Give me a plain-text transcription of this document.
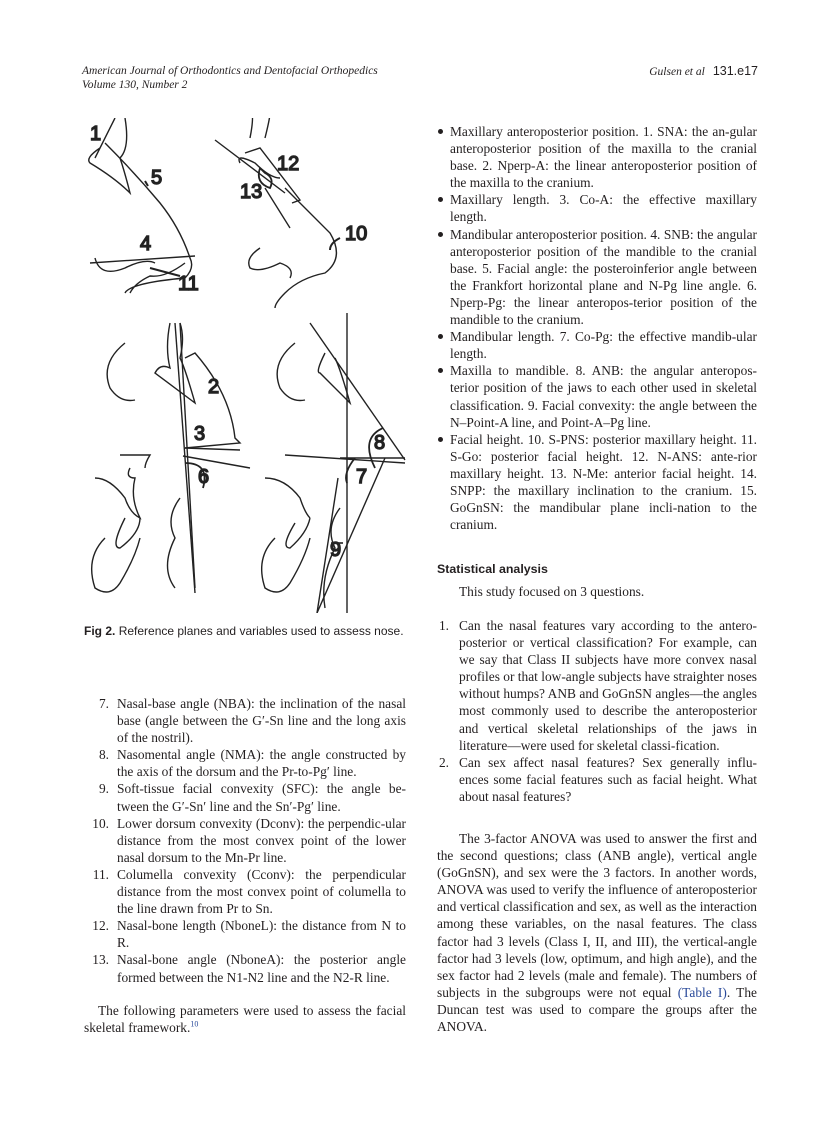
American Journal of Orthodontics and Dentofacial Orthopedics
Volume 130, Number 2
Gulsen et al 131.e17
1
2
3
4
5
6	7
8
9
10
11
12
13
Fig 2. Reference planes and variables used to assess nose.
7. Nasal-base angle (NBA): the inclination of the nasal base (angle between the G′-Sn line and the long axis of the nostril).
8. Nasomental angle (NMA): the angle constructed by the axis of the dorsum and the Pr-to-Pg′ line.
9. Soft-tissue facial convexity (SFC): the angle be-tween the G′-Sn′ line and the Sn′-Pg′ line.
10. Lower dorsum convexity (Dconv): the perpendic-ular distance from the most convex point of the lower nasal dorsum to the Mn-Pr line.
11. Columella convexity (Cconv): the perpendicular distance from the most convex point of columella to the line drawn from Pr to Sn.
12. Nasal-bone length (NboneL): the distance from N to R.
13. Nasal-bone angle (NboneA): the posterior angle formed between the N1-N2 line and the N2-R line.

The following parameters were used to assess the facial skeletal framework.$^{10}$

Maxillary anteroposterior position. 1. SNA: the an-gular anteroposterior position of the maxilla to the cranial base. 2. Nperp-A: the linear anteroposterior position of the maxilla to the cranium.
Maxillary length. 3. Co-A: the effective maxillary length.
Mandibular anteroposterior position. 4. SNB: the angular anteroposterior position of the mandible to the cranial base. 5. Facial angle: the posteroinferior angle between the Frankfort horizontal plane and N-Pg line angle. 6. Nperp-Pg: the linear anteropos-terior position of the mandible to the cranium.
Mandibular length. 7. Co-Pg: the effective mandib-ular length.
Maxilla to mandible. 8. ANB: the angular anteropos-terior position of the jaws to each other used in skeletal classification. 9. Facial convexity: the angle between the N–Point-A line, and Point-A–Pg line.
Facial height. 10. S-PNS: posterior maxillary height. 11. S-Go: posterior facial height. 12. N-ANS: ante-rior maxillary height. 13. N-Me: anterior facial height. 14. SNPP: the maxillary inclination to the cranium. 15. GoGnSN: the mandibular plane incli-nation to the cranium.
Statistical analysis

This study focused on 3 questions.

1. Can the nasal features vary according to the antero-posterior or vertical classification? For example, can we say that Class II subjects have more convex nasal profiles or that low-angle subjects have straighter noses without humps? ANB and GoGnSN angles—the angles most commonly used to describe the anteroposterior and vertical skeletal relationships of the jaws in literature—were used for skeletal classi-fication.
2. Can sex affect nasal features? Sex generally influ-ences some facial features such as facial height. What about nasal features?

The 3-factor ANOVA was used to answer the first and the second questions; class (ANB angle), vertical angle (GoGnSN), and sex were the 3 factors. In another words, ANOVA was used to verify the influence of anteroposterior and vertical classification and sex, as well as the interaction among these variables, on the nasal features. The class factor had 3 levels (Class I, II, and III), the vertical-angle factor had 3 levels (low, optimum, and high angle), and the sex factor had 2 levels (male and female). The numbers of subjects in the subgroups were not equal (Table I). The Duncan test was used to compare the groups after the ANOVA.
